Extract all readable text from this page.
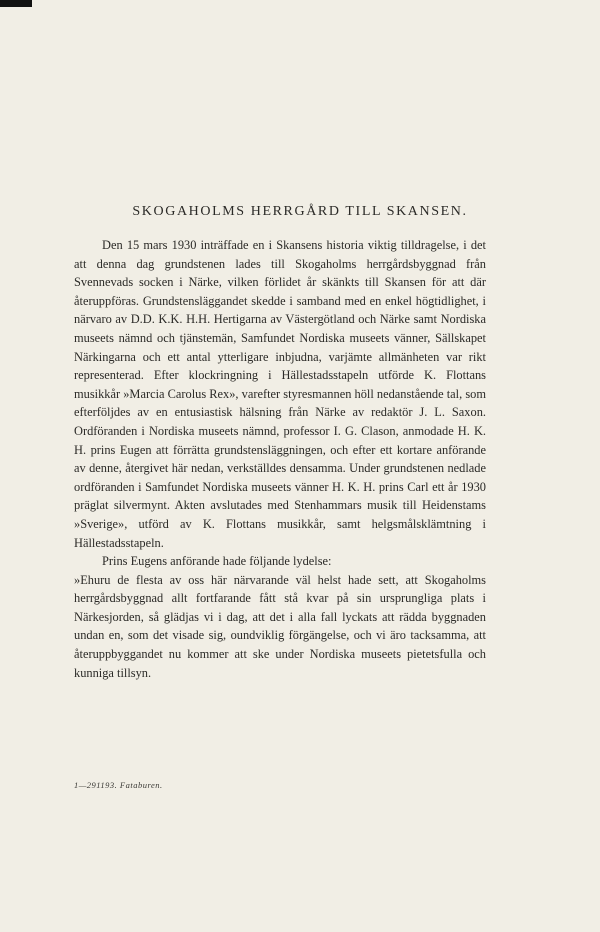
SKOGAHOLMS HERRGÅRD TILL SKANSEN.

Den 15 mars 1930 inträffade en i Skansens historia viktig tilldragelse, i det att denna dag grundstenen lades till Skogaholms herrgårdsbyggnad från Svennevads socken i Närke, vilken förlidet år skänkts till Skansen för att där återuppföras. Grundstensläggandet skedde i samband med en enkel högtidlighet, i närvaro av D.D. K.K. H.H. Hertigarna av Västergötland och Närke samt Nordiska museets nämnd och tjänstemän, Samfundet Nordiska museets vänner, Sällskapet Närkingarna och ett antal ytterligare inbjudna, varjämte allmänheten var rikt representerad. Efter klockringning i Hällestadsstapeln utförde K. Flottans musikkår »Marcia Carolus Rex», varefter styresmannen höll nedanstående tal, som efterföljdes av en entusiastisk hälsning från Närke av redaktör J. L. Saxon. Ordföranden i Nordiska museets nämnd, professor I. G. Clason, anmodade H. K. H. prins Eugen att förrätta grundstensläggningen, och efter ett kortare anförande av denne, återgivet här nedan, verkställdes densamma. Under grundstenen nedlade ordföranden i Samfundet Nordiska museets vänner H. K. H. prins Carl ett år 1930 präglat silvermynt. Akten avslutades med Stenhammars musik till Heidenstams »Sverige», utförd av K. Flottans musikkår, samt helgsmålsklämtning i Hällestadsstapeln.

Prins Eugens anförande hade följande lydelse:

»Ehuru de flesta av oss här närvarande väl helst hade sett, att Skogaholms herrgårdsbyggnad allt fortfarande fått stå kvar på sin ursprungliga plats i Närkesjorden, så glädjas vi i dag, att det i alla fall lyckats att rädda byggnaden undan en, som det visade sig, oundviklig förgängelse, och vi äro tacksamma, att återuppbyggandet nu kommer att ske under Nordiska museets pietetsfulla och kunniga tillsyn.

1—291193. Fataburen.
